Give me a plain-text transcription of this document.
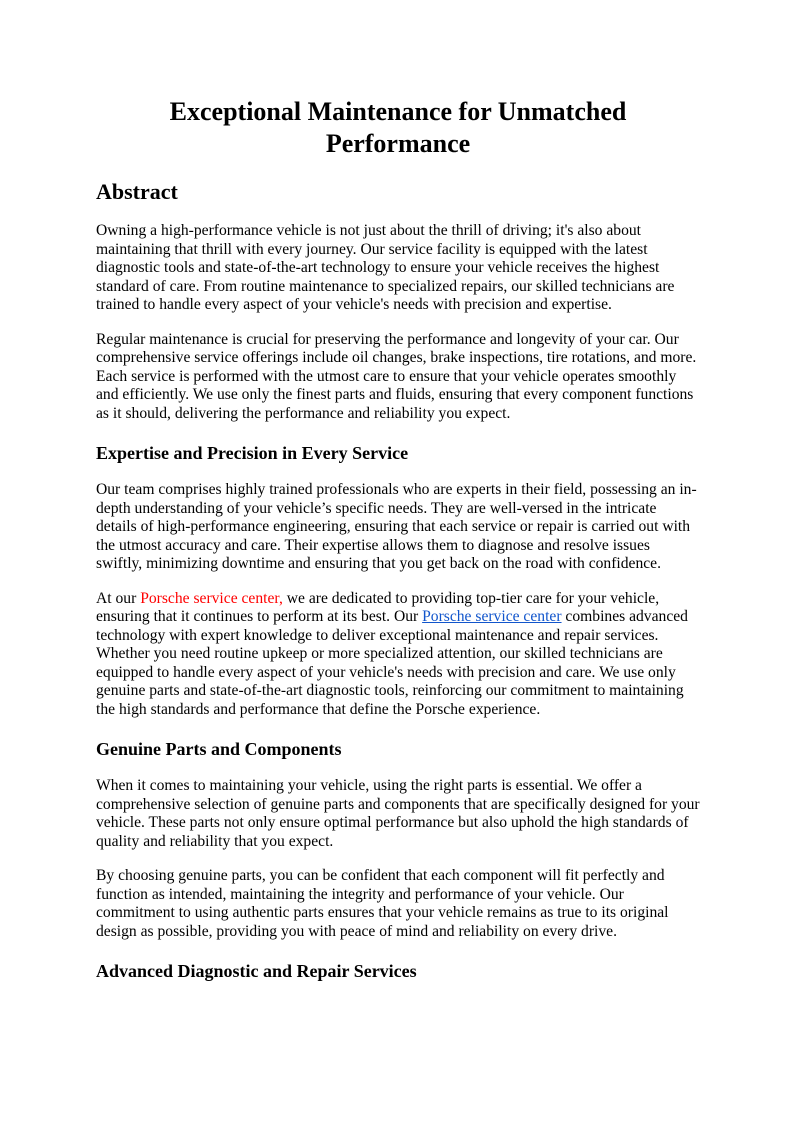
Exceptional Maintenance for Unmatched Performance
Abstract

Owning a high-performance vehicle is not just about the thrill of driving; it's also about maintaining that thrill with every journey. Our service facility is equipped with the latest diagnostic tools and state-of-the-art technology to ensure your vehicle receives the highest standard of care. From routine maintenance to specialized repairs, our skilled technicians are trained to handle every aspect of your vehicle's needs with precision and expertise.

Regular maintenance is crucial for preserving the performance and longevity of your car. Our comprehensive service offerings include oil changes, brake inspections, tire rotations, and more. Each service is performed with the utmost care to ensure that your vehicle operates smoothly and efficiently. We use only the finest parts and fluids, ensuring that every component functions as it should, delivering the performance and reliability you expect.

Expertise and Precision in Every Service

Our team comprises highly trained professionals who are experts in their field, possessing an in-depth understanding of your vehicle’s specific needs. They are well-versed in the intricate details of high-performance engineering, ensuring that each service or repair is carried out with the utmost accuracy and care. Their expertise allows them to diagnose and resolve issues swiftly, minimizing downtime and ensuring that you get back on the road with confidence.

At our Porsche service center, we are dedicated to providing top-tier care for your vehicle, ensuring that it continues to perform at its best. Our Porsche service center combines advanced technology with expert knowledge to deliver exceptional maintenance and repair services. Whether you need routine upkeep or more specialized attention, our skilled technicians are equipped to handle every aspect of your vehicle's needs with precision and care. We use only genuine parts and state-of-the-art diagnostic tools, reinforcing our commitment to maintaining the high standards and performance that define the Porsche experience.

Genuine Parts and Components

When it comes to maintaining your vehicle, using the right parts is essential. We offer a comprehensive selection of genuine parts and components that are specifically designed for your vehicle. These parts not only ensure optimal performance but also uphold the high standards of quality and reliability that you expect.

By choosing genuine parts, you can be confident that each component will fit perfectly and function as intended, maintaining the integrity and performance of your vehicle. Our commitment to using authentic parts ensures that your vehicle remains as true to its original design as possible, providing you with peace of mind and reliability on every drive.

Advanced Diagnostic and Repair Services
